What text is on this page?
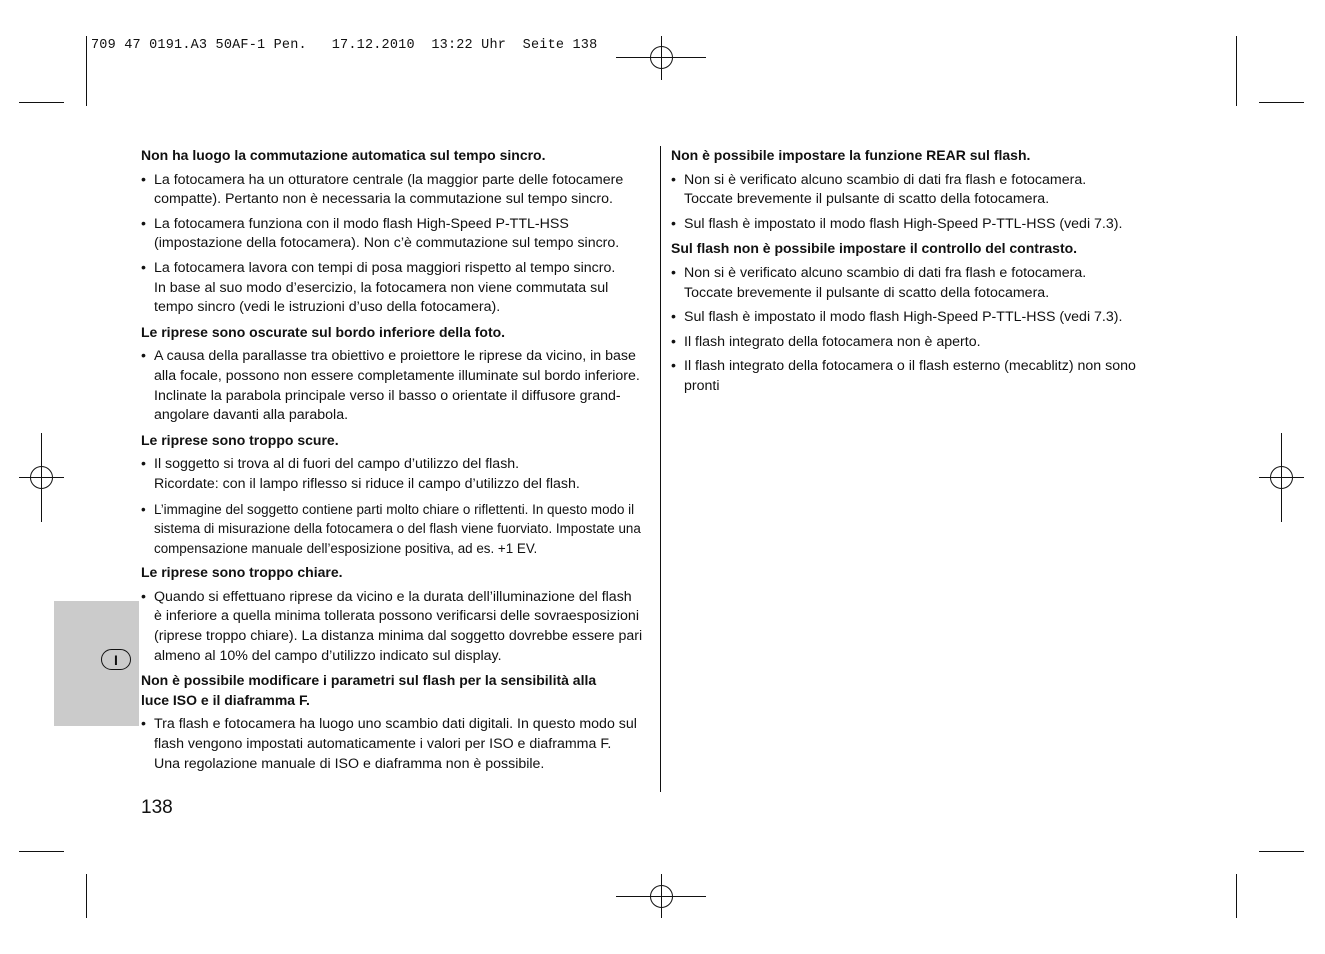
709 47 0191.A3 50AF-1 Pen.   17.12.2010  13:22 Uhr  Seite 138
I
Non ha luogo la commutazione automatica sul tempo sincro.
• La fotocamera ha un otturatore centrale (la maggior parte delle fotocamere
compatte). Pertanto non è necessaria la commutazione sul tempo sincro.
• La fotocamera funziona con il modo flash High-Speed P-TTL-HSS
(impostazione della fotocamera). Non c’è commutazione sul tempo sincro.
• La fotocamera lavora con tempi di posa maggiori rispetto al tempo sincro.
In base al suo modo d’esercizio, la fotocamera non viene commutata sul
tempo sincro (vedi le istruzioni d’uso della fotocamera).
Le riprese sono oscurate sul bordo inferiore della foto.
• A causa della parallasse tra obiettivo e proiettore le riprese da vicino, in base
alla focale, possono non essere completamente illuminate sul bordo inferiore.
Inclinate la parabola principale verso il basso o orientate il diffusore grand-
angolare davanti alla parabola.
Le riprese sono troppo scure.
• Il soggetto si trova al di fuori del campo d’utilizzo del flash.
Ricordate: con il lampo riflesso si riduce il campo d’utilizzo del flash.
• L’immagine del soggetto contiene parti molto chiare o riflettenti. In questo modo il
sistema di misurazione della fotocamera o del flash viene fuorviato. Impostate una
compensazione manuale dell’esposizione positiva, ad es. +1 EV.
Le riprese sono troppo chiare.
• Quando si effettuano riprese da vicino e la durata dell’illuminazione del flash
è inferiore a quella minima tollerata possono verificarsi delle sovraesposizioni
(riprese troppo chiare). La distanza minima dal soggetto dovrebbe essere pari
almeno al 10% del campo d’utilizzo indicato sul display.
Non è possibile modificare i parametri sul flash per la sensibilità alla
luce ISO e il diaframma F.
• Tra flash e fotocamera ha luogo uno scambio dati digitali. In questo modo sul
flash vengono impostati automaticamente i valori per ISO e diaframma F.
Una regolazione manuale di ISO e diaframma non è possibile.
Non è possibile impostare la funzione REAR sul flash.
• Non si è verificato alcuno scambio di dati fra flash e fotocamera.
Toccate brevemente il pulsante di scatto della fotocamera.
• Sul flash è impostato il modo flash High-Speed P-TTL-HSS (vedi 7.3).
Sul flash non è possibile impostare il controllo del contrasto.
• Non si è verificato alcuno scambio di dati fra flash e fotocamera.
Toccate brevemente il pulsante di scatto della fotocamera.
• Sul flash è impostato il modo flash High-Speed P-TTL-HSS (vedi 7.3).
• Il flash integrato della fotocamera non è aperto.
• Il flash integrato della fotocamera o il flash esterno (mecablitz) non sono
pronti
138
